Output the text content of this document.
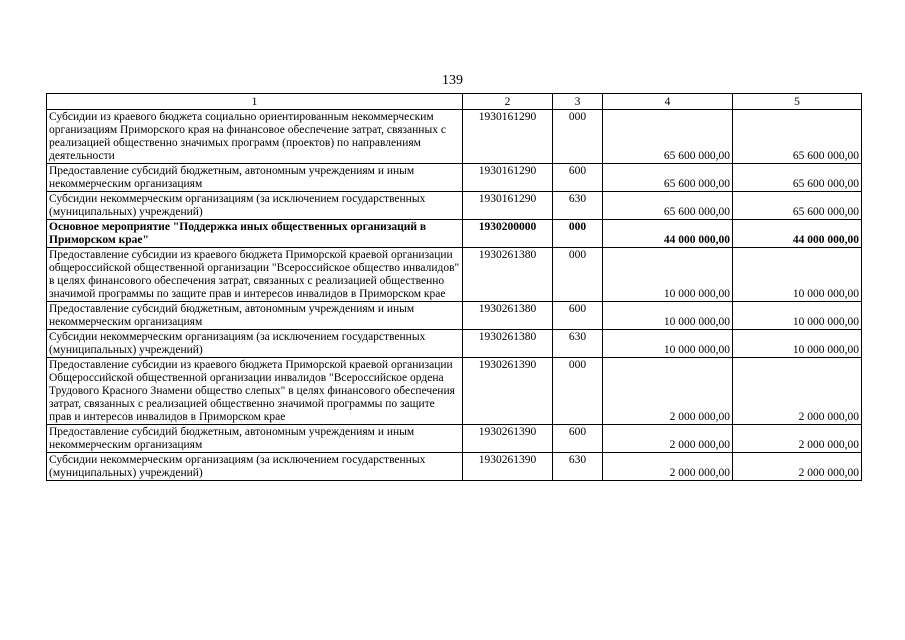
139
1	2	3	4	5
Субсидии из краевого бюджета социально ориентированным некоммерческим организациям Приморского края на финансовое обеспечение затрат, связанных с реализацией общественно значимых программ (проектов) по направлениям деятельности	1930161290	000	65 600 000,00	65 600 000,00
Предоставление субсидий бюджетным, автономным учреждениям и иным некоммерческим организациям	1930161290	600	65 600 000,00	65 600 000,00
Субсидии некоммерческим организациям (за исключением государственных (муниципальных) учреждений)	1930161290	630	65 600 000,00	65 600 000,00
Основное мероприятие "Поддержка иных общественных организаций в Приморском крае"	1930200000	000	44 000 000,00	44 000 000,00
Предоставление субсидии из краевого бюджета Приморской краевой организации общероссийской общественной организации "Всероссийское общество инвалидов" в целях финансового обеспечения затрат, связанных с реализацией общественно значимой программы по защите прав и интересов инвалидов в Приморском крае	1930261380	000	10 000 000,00	10 000 000,00
Предоставление субсидий бюджетным, автономным учреждениям и иным некоммерческим организациям	1930261380	600	10 000 000,00	10 000 000,00
Субсидии некоммерческим организациям (за исключением государственных (муниципальных) учреждений)	1930261380	630	10 000 000,00	10 000 000,00
Предоставление субсидии из краевого бюджета Приморской краевой организации Общероссийской общественной организации инвалидов "Всероссийское ордена Трудового Красного Знамени общество слепых" в целях финансового обеспечения затрат, связанных с реализацией общественно значимой программы по защите прав и интересов инвалидов в Приморском крае	1930261390	000	2 000 000,00	2 000 000,00
Предоставление субсидий бюджетным, автономным учреждениям и иным некоммерческим организациям	1930261390	600	2 000 000,00	2 000 000,00
Субсидии некоммерческим организациям (за исключением государственных (муниципальных) учреждений)	1930261390	630	2 000 000,00	2 000 000,00
